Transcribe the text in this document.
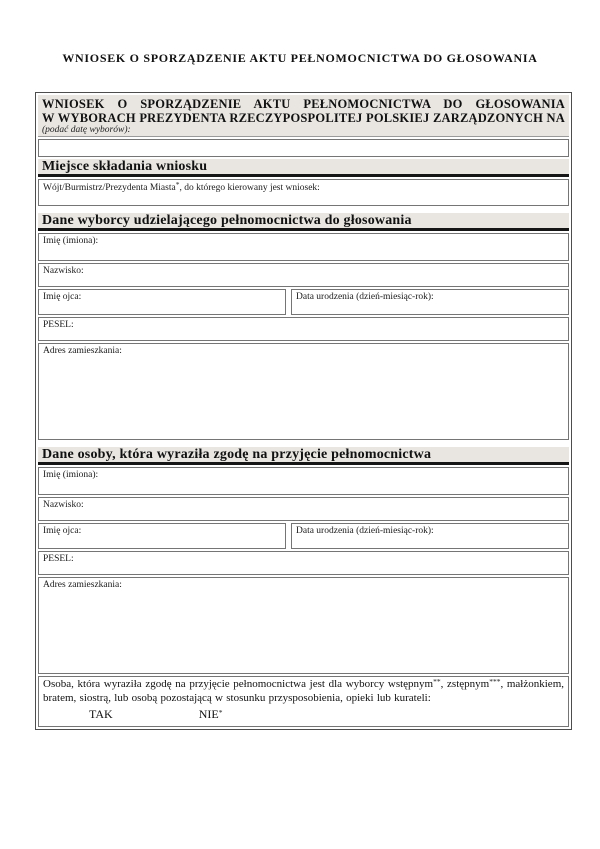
WNIOSEK O SPORZĄDZENIE AKTU PEŁNOMOCNICTWA DO GŁOSOWANIA
WNIOSEK O SPORZĄDZENIE AKTU PEŁNOMOCNICTWA DO GŁOSOWANIA
W WYBORACH PREZYDENTA RZECZYPOSPOLITEJ POLSKIEJ ZARZĄDZONYCH NA
(podać datę wyborów):
Miejsce składania wniosku
Wójt/Burmistrz/Prezydenta Miasta*, do którego kierowany jest wniosek:
Dane wyborcy udzielającego pełnomocnictwa do głosowania
Imię (imiona):
Nazwisko:
Imię ojca:	Data urodzenia (dzień-miesiąc-rok):
PESEL:
Adres zamieszkania:
Dane osoby, która wyraziła zgodę na przyjęcie pełnomocnictwa
Imię (imiona):
Nazwisko:
Imię ojca:	Data urodzenia (dzień-miesiąc-rok):
PESEL:
Adres zamieszkania:
Osoba, która wyraziła zgodę na przyjęcie pełnomocnictwa jest dla wyborcy wstępnym**, zstępnym***, małżonkiem, bratem, siostrą, lub osobą pozostającą w stosunku przysposobienia, opieki lub kurateli:
TAK	NIE*
